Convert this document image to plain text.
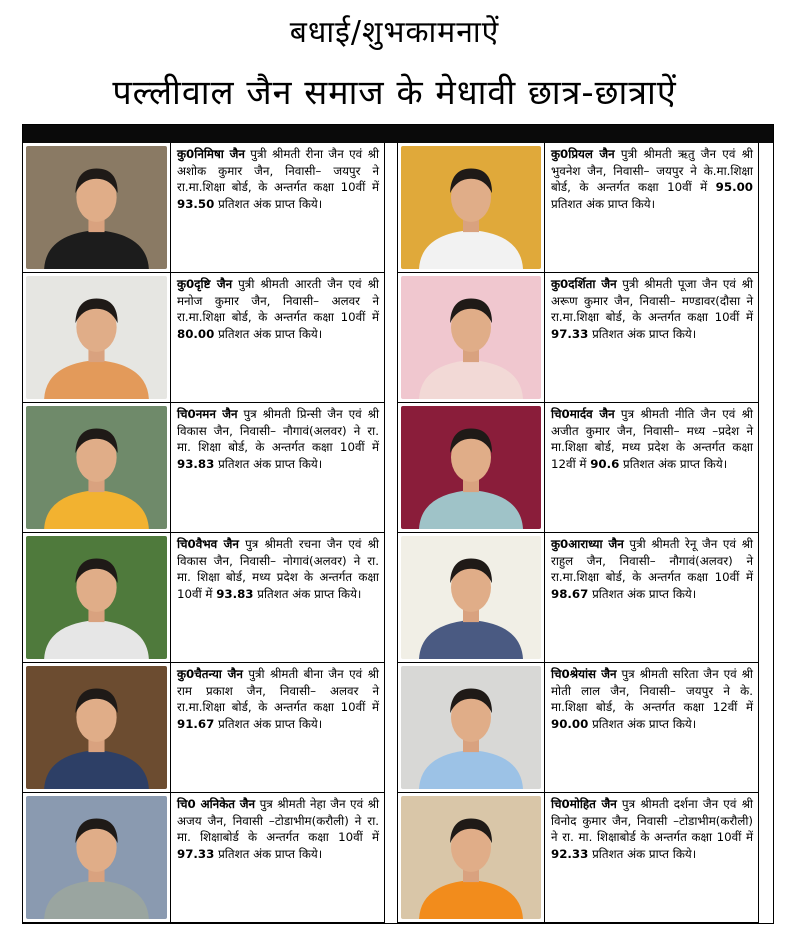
बधाई/शुभकामनाऐं
पल्लीवाल जैन समाज के मेधावी छात्र-छात्राऐं
कु0निमिषा जैन पुत्री श्रीमती रीना जैन एवं श्री अशोक कुमार जैन, निवासी– जयपुर ने रा.मा.शिक्षा बोर्ड, के अन्तर्गत कक्षा 10वीं में 93.50 प्रतिशत अंक प्राप्त किये।
कु0प्रियल जैन पुत्री श्रीमती ऋतु जैन एवं श्री भुवनेश जैन, निवासी– जयपुर ने के.मा.शिक्षा बोर्ड, के अन्तर्गत कक्षा 10वीं में 95.00 प्रतिशत अंक प्राप्त किये।
कु0दृष्टि जैन पुत्री श्रीमती आरती जैन एवं श्री मनोज कुमार जैन, निवासी– अलवर ने रा.मा.शिक्षा बोर्ड, के अन्तर्गत कक्षा 10वीं में 80.00 प्रतिशत अंक प्राप्त किये।
कु0दर्शिता जैन पुत्री श्रीमती पूजा जैन एवं श्री अरूण कुमार जैन, निवासी– मण्डावर(दौसा ने रा.मा.शिक्षा बोर्ड, के अन्तर्गत कक्षा 10वीं में 97.33 प्रतिशत अंक प्राप्त किये।
चि0नमन जैन पुत्र श्रीमती प्रिन्सी जैन एवं श्री विकास जैन, निवासी– नौगावं(अलवर) ने रा. मा. शिक्षा बोर्ड, के अन्तर्गत कक्षा 10वीं में 93.83 प्रतिशत अंक प्राप्त किये।
चि0मार्दव जैन पुत्र श्रीमती नीति जैन एवं श्री अजीत कुमार जैन, निवासी– मध्य –प्रदेश ने मा.शिक्षा बोर्ड, मध्य प्रदेश के अन्तर्गत कक्षा 12वीं में 90.6 प्रतिशत अंक प्राप्त किये।
चि0वैभव जैन पुत्र श्रीमती रचना जैन एवं श्री विकास जैन, निवासी– नोगावं(अलवर) ने रा. मा. शिक्षा बोर्ड, मध्य प्रदेश के अन्तर्गत कक्षा 10वीं में 93.83 प्रतिशत अंक प्राप्त किये।
कु0आराध्या जैन पुत्री श्रीमती रेनू जैन एवं श्री राहुल जैन, निवासी– नौगावं(अलवर) ने रा.मा.शिक्षा बोर्ड, के अन्तर्गत कक्षा 10वीं में 98.67 प्रतिशत अंक प्राप्त किये।
कु0चैतन्या जैन पुत्री श्रीमती बीना जैन एवं श्री राम प्रकाश जैन, निवासी– अलवर ने रा.मा.शिक्षा बोर्ड, के अन्तर्गत कक्षा 10वीं में 91.67 प्रतिशत अंक प्राप्त किये।
चि0श्रेयांस जैन पुत्र श्रीमती सरिता जैन एवं श्री मोती लाल जैन, निवासी– जयपुर ने के. मा.शिक्षा बोर्ड, के अन्तर्गत कक्षा 12वीं में 90.00 प्रतिशत अंक प्राप्त किये।
चि0 अनिकेत जैन पुत्र श्रीमती नेहा जैन एवं श्री अजय जैन, निवासी –टोडाभीम(करौली) ने रा. मा. शिक्षाबोर्ड के अन्तर्गत कक्षा 10वीं में 97.33 प्रतिशत अंक प्राप्त किये।
चि0मोहित जैन पुत्र श्रीमती दर्शना जैन एवं श्री विनोद कुमार जैन, निवासी –टोडाभीम(करौली) ने रा. मा. शिक्षाबोर्ड के अन्तर्गत कक्षा 10वीं में 92.33 प्रतिशत अंक प्राप्त किये।
